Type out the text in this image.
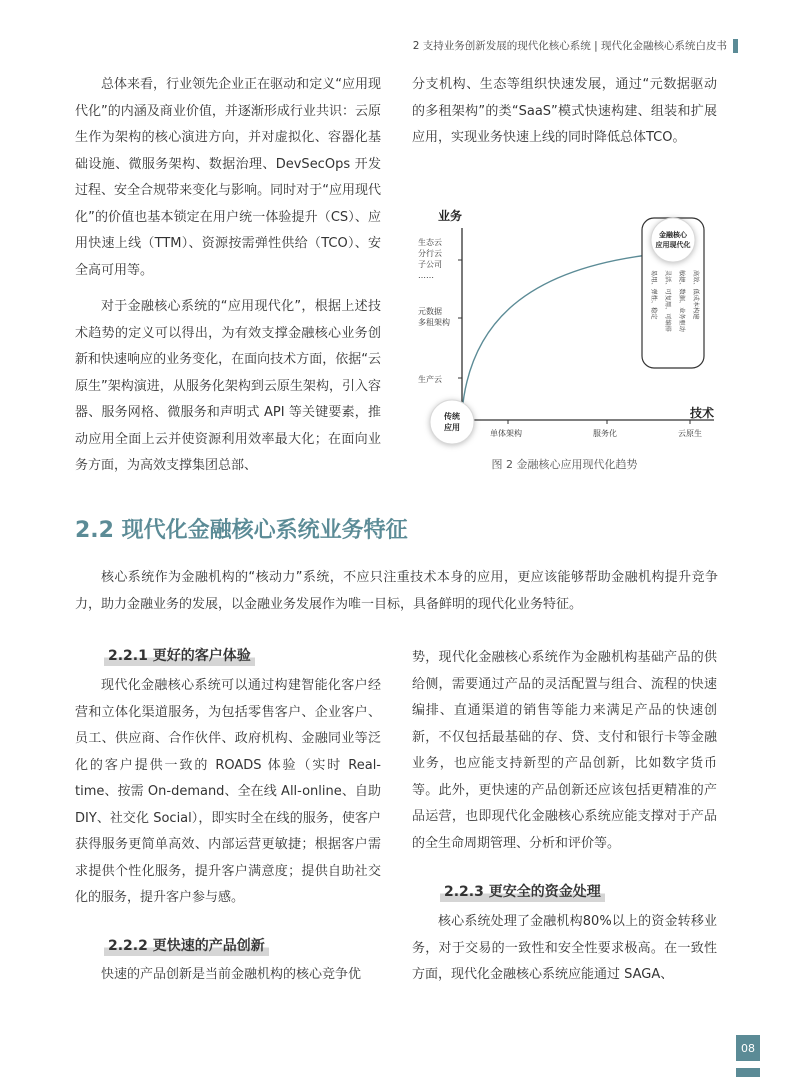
2 支持业务创新发展的现代化核心系统 | 现代化金融核心系统白皮书

总体来看，行业领先企业正在驱动和定义“应用现代化”的内涵及商业价值，并逐渐形成行业共识：云原生作为架构的核心演进方向，并对虚拟化、容器化基础设施、微服务架构、数据治理、DevSecOps 开发过程、安全合规带来变化与影响。同时对于“应用现代化”的价值也基本锁定在用户统一体验提升（CS）、应用快速上线（TTM）、资源按需弹性供给（TCO）、安全高可用等。

对于金融核心系统的“应用现代化”，根据上述技术趋势的定义可以得出，为有效支撑金融核心业务创新和快速响应的业务变化，在面向技术方面，依据“云原生”架构演进，从服务化架构到云原生架构，引入容器、服务网格、微服务和声明式 API 等关键要素，推动应用全面上云并使资源利用效率最大化；在面向业务方面，为高效支撑集团总部、

分支机构、生态等组织快速发展，通过“元数据驱动的多租架构”的类“SaaS”模式快速构建、组装和扩展应用，实现业务快速上线的同时降低总体TCO。

业务
技术
生态云
分行云
子公司
……
元数据
多租架构
生产云
单体架构	服务化	云原生
传统
应用
金融核心
应用现代化
高效、低成本构建
敏捷、数据、业务驱动
灵活、可复用、可编排
易用、弹性、稳定
图 2 金融核心应用现代化趋势
2.2 现代化金融核心系统业务特征

核心系统作为金融机构的“核动力”系统，不应只注重技术本身的应用，更应该能够帮助金融机构提升竞争力，助力金融业务的发展，以金融业务发展作为唯一目标，具备鲜明的现代化业务特征。

2.2.1 更好的客户体验

现代化金融核心系统可以通过构建智能化客户经营和立体化渠道服务，为包括零售客户、企业客户、员工、供应商、合作伙伴、政府机构、金融同业等泛化的客户提供一致的 ROADS 体验（实时 Real-time、按需 On-demand、全在线 All-online、自助 DIY、社交化 Social），即实时全在线的服务，使客户获得服务更简单高效、内部运营更敏捷；根据客户需求提供个性化服务，提升客户满意度；提供自助社交化的服务，提升客户参与感。

2.2.2 更快速的产品创新

快速的产品创新是当前金融机构的核心竞争优

势，现代化金融核心系统作为金融机构基础产品的供给侧，需要通过产品的灵活配置与组合、流程的快速编排、直通渠道的销售等能力来满足产品的快速创新，不仅包括最基础的存、贷、支付和银行卡等金融业务，也应能支持新型的产品创新，比如数字货币等。此外，更快速的产品创新还应该包括更精准的产品运营，也即现代化金融核心系统应能支撑对于产品的全生命周期管理、分析和评价等。

2.2.3 更安全的资金处理

核心系统处理了金融机构80%以上的资金转移业务，对于交易的一致性和安全性要求极高。在一致性方面，现代化金融核心系统应能通过 SAGA、

08
